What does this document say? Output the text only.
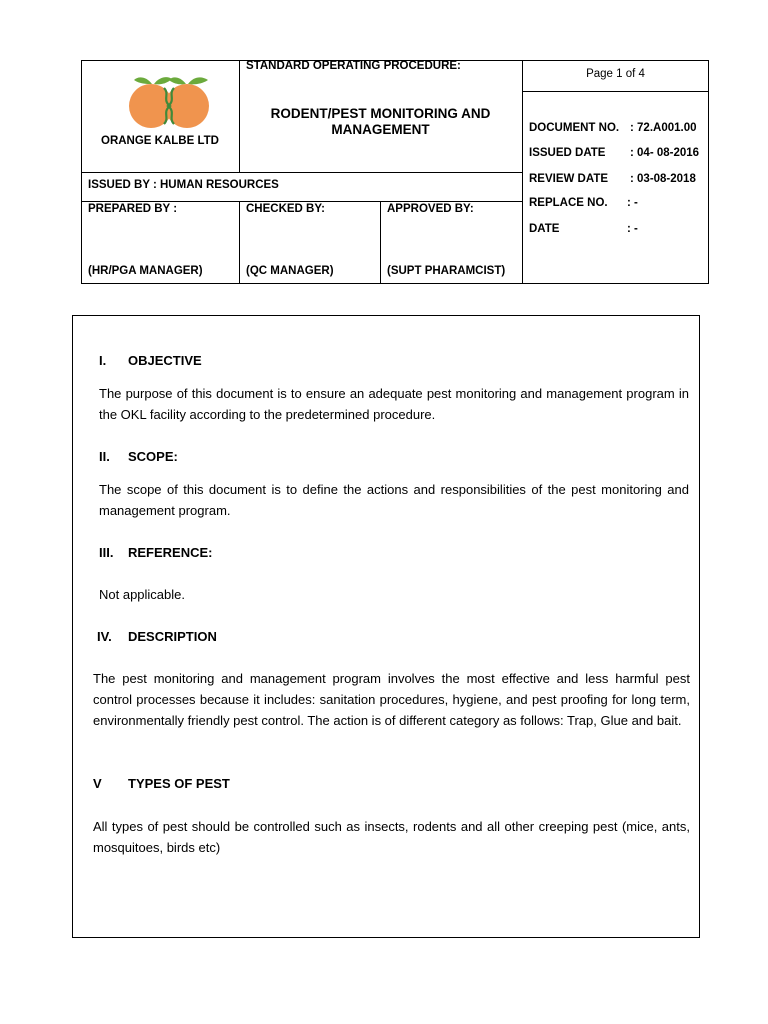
ORANGE KALBE LTD
STANDARD OPERATING PROCEDURE:
RODENT/PEST MONITORING AND
MANAGEMENT
Page 1 of 4
ISSUED BY : HUMAN RESOURCES
PREPARED BY :	CHECKED BY:	APPROVED BY:
(HR/PGA MANAGER)	(QC MANAGER)	(SUPT PHARAMCIST)
DOCUMENT NO. : 72.A001.00
ISSUED DATE : 04- 08-2016
REVIEW DATE : 03-08-2018
REPLACE NO. : -
DATE	: -
I. OBJECTIVE
The purpose of this document is to ensure an adequate pest monitoring and management program in the OKL facility according to the predetermined procedure.
II. SCOPE:
The scope of this document is to define the actions and responsibilities of the pest monitoring and management program.
III. REFERENCE:
Not applicable.
IV. DESCRIPTION
The pest monitoring and management program involves the most effective and less harmful pest control processes because it includes: sanitation procedures, hygiene, and pest proofing for long term, environmentally friendly pest control. The action is of different category as follows: Trap, Glue and bait.
V TYPES OF PEST
All types of pest should be controlled such as insects, rodents and all other creeping pest (mice, ants, mosquitoes, birds etc)
